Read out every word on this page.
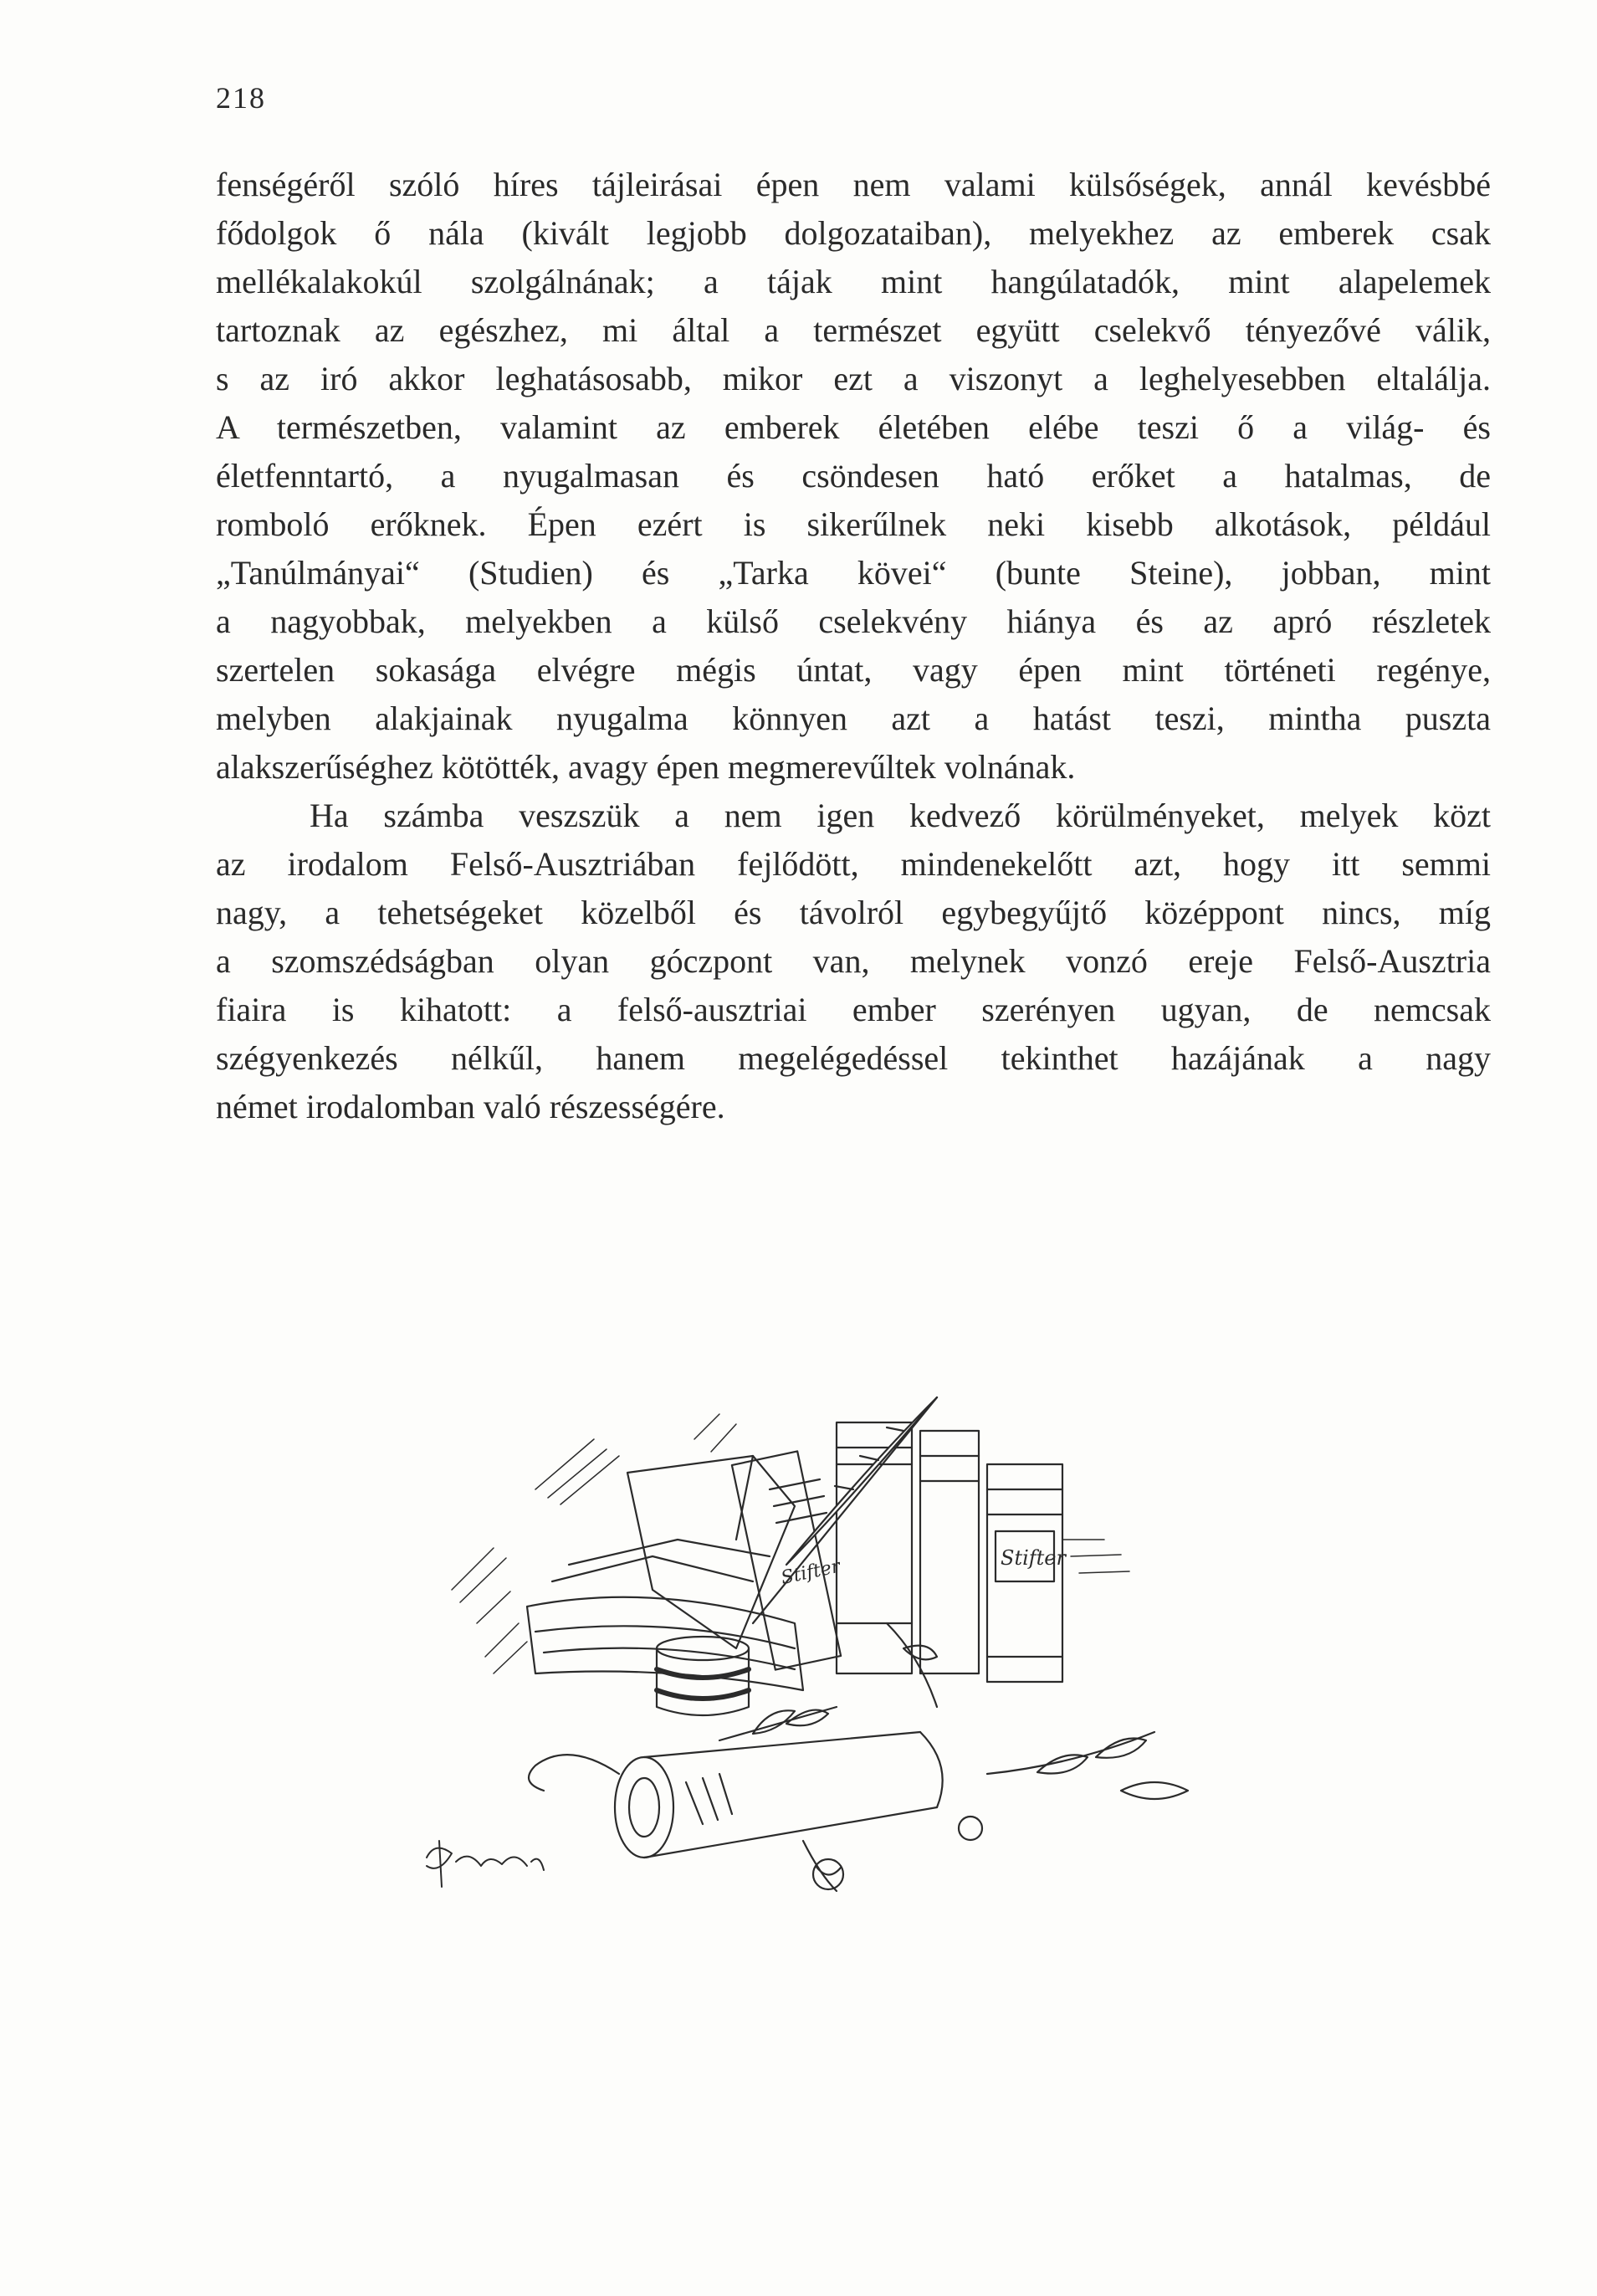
218
fenségéről szóló híres tájleirásai épen nem valami külsőségek, annál kevésbbé
fődolgok ő nála (kivált legjobb dolgozataiban), melyekhez az emberek csak
mellékalakokúl szolgálnának; a tájak mint hangúlatadók, mint alapelemek
tartoznak az egészhez, mi által a természet együtt cselekvő tényezővé válik,
s az iró akkor leghatásosabb, mikor ezt a viszonyt a leghelyesebben eltalálja.
A természetben, valamint az emberek életében elébe teszi ő a világ- és
életfenntartó, a nyugalmasan és csöndesen ható erőket a hatalmas, de
romboló erőknek. Épen ezért is sikerűlnek neki kisebb alkotások, például
„Tanúlmányai“ (Studien) és „Tarka kövei“ (bunte Steine), jobban, mint
a nagyobbak, melyekben a külső cselekvény hiánya és az apró részletek
szertelen sokasága elvégre mégis úntat, vagy épen mint történeti regénye,
melyben alakjainak nyugalma könnyen azt a hatást teszi, mintha puszta
alakszerűséghez kötötték, avagy épen megmerevűltek volnának.
Ha számba veszszük a nem igen kedvező körülményeket, melyek közt
az irodalom Felső-Ausztriában fejlődött, mindenekelőtt azt, hogy itt semmi
nagy, a tehetségeket közelből és távolról egybegyűjtő középpont nincs, míg
a szomszédságban olyan góczpont van, melynek vonzó ereje Felső-Ausztria
fiaira is kihatott: a felső-ausztriai ember szerényen ugyan, de nemcsak
szégyenkezés nélkűl, hanem megelégedéssel tekinthet hazájának a nagy
német irodalomban való részességére.
Stifter	Stifter
